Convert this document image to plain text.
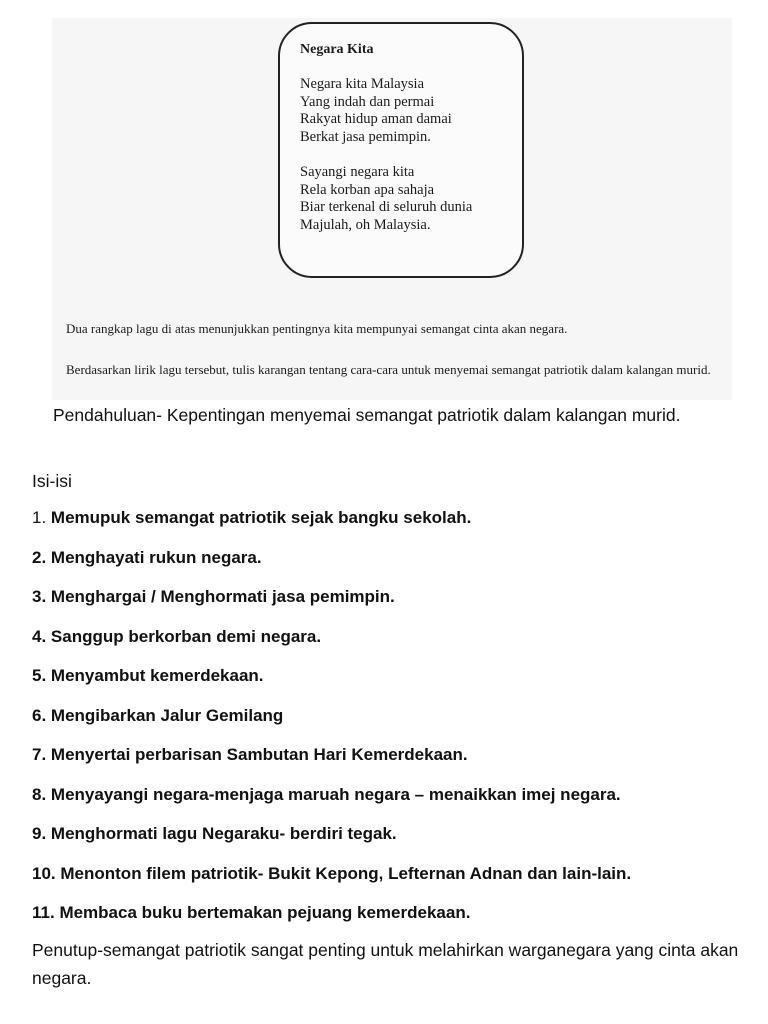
Negara Kita
Negara kita Malaysia
Yang indah dan permai
Rakyat hidup aman damai
Berkat jasa pemimpin.
Sayangi negara kita
Rela korban apa sahaja
Biar terkenal di seluruh dunia
Majulah, oh Malaysia.
Dua rangkap lagu di atas menunjukkan pentingnya kita mempunyai semangat cinta akan negara.
Berdasarkan lirik lagu tersebut, tulis karangan tentang cara-cara untuk menyemai semangat patriotik dalam kalangan murid.
Pendahuluan- Kepentingan menyemai semangat patriotik dalam kalangan murid.
Isi-isi
1. Memupuk semangat patriotik sejak bangku sekolah.
2. Menghayati rukun negara.
3. Menghargai / Menghormati jasa pemimpin.
4. Sanggup berkorban demi negara.
5. Menyambut kemerdekaan.
6. Mengibarkan Jalur Gemilang
7. Menyertai perbarisan Sambutan Hari Kemerdekaan.
8. Menyayangi negara-menjaga maruah negara – menaikkan imej negara.
9. Menghormati lagu Negaraku- berdiri tegak.
10. Menonton filem patriotik- Bukit Kepong, Lefternan Adnan dan lain-lain.
11. Membaca buku bertemakan pejuang kemerdekaan.
Penutup-semangat patriotik sangat penting untuk melahirkan warganegara yang cinta akan negara.
